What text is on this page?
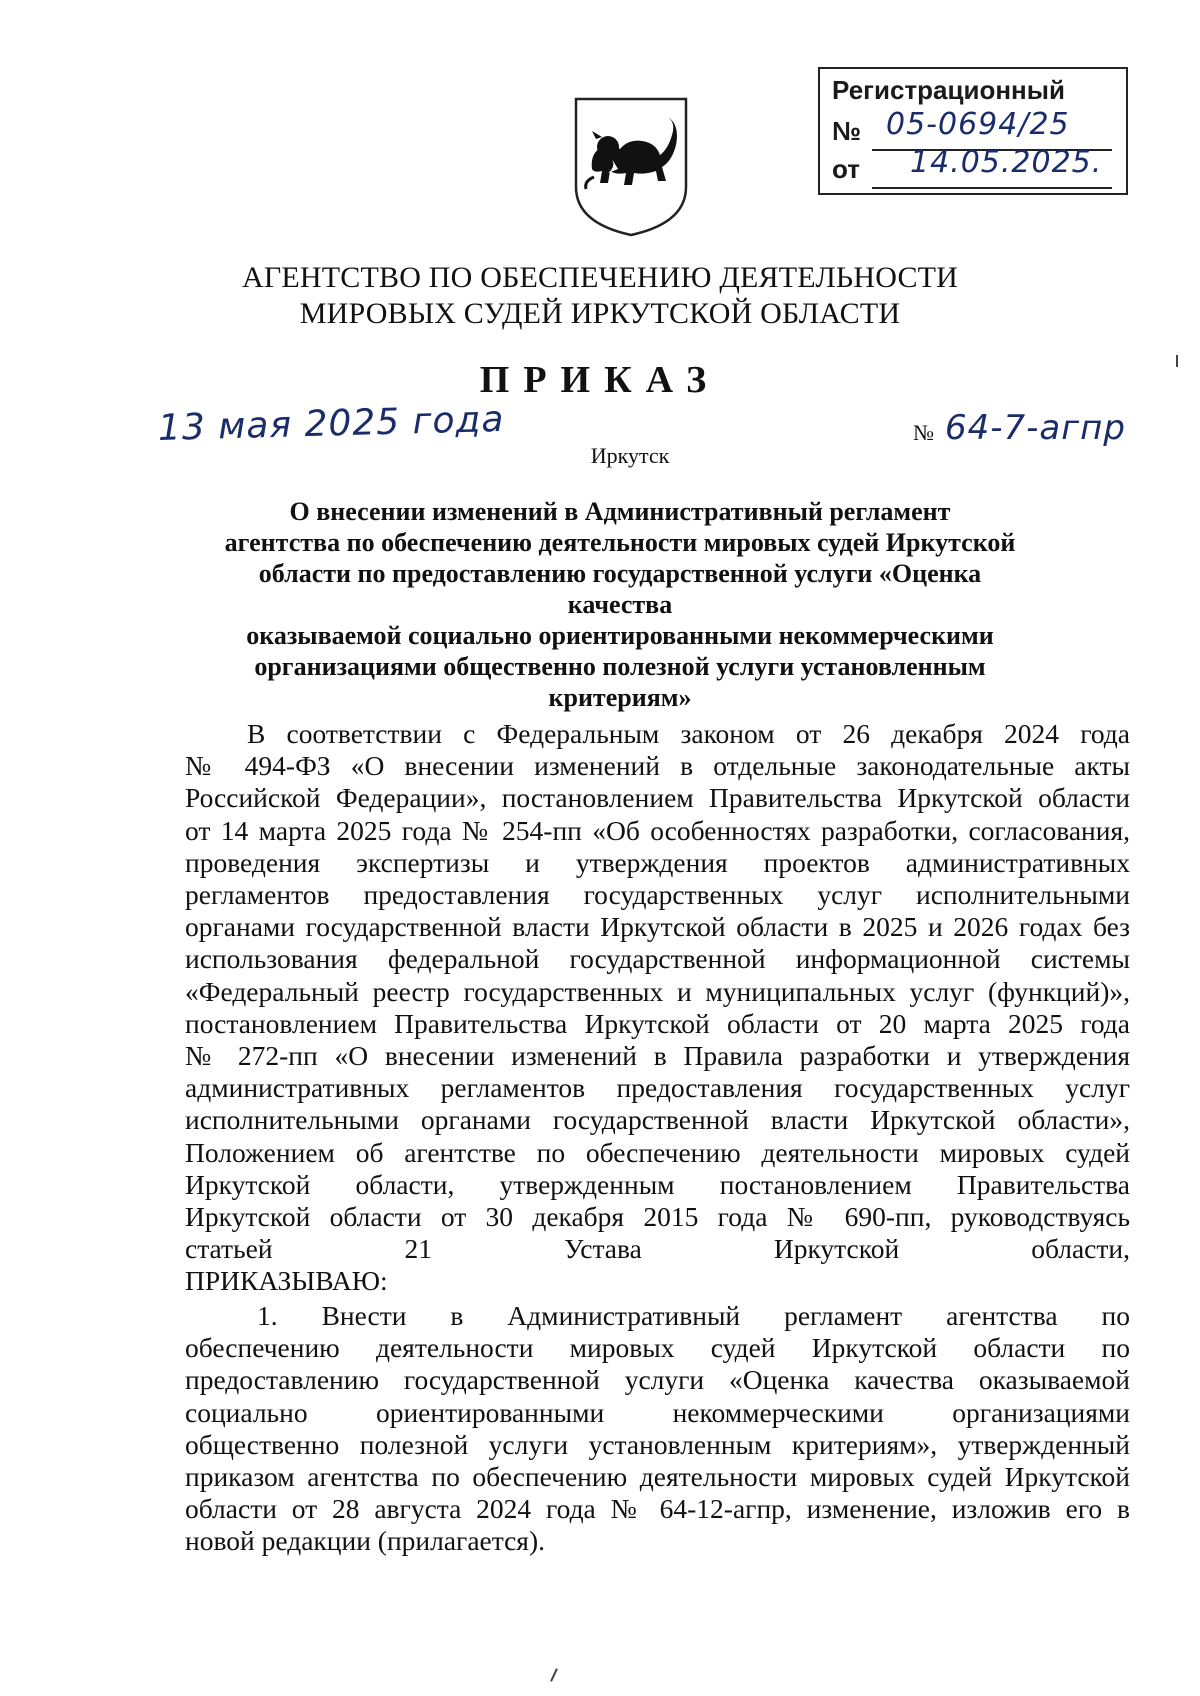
Регистрационный
№ 05-0694/25
от 14.05.2025.
АГЕНТСТВО ПО ОБЕСПЕЧЕНИЮ ДЕЯТЕЛЬНОСТИ
МИРОВЫХ СУДЕЙ ИРКУТСКОЙ ОБЛАСТИ
ПРИКАЗ
13 мая 2025 года	№ 64-7-агпр
Иркутск
О внесении изменений в Административный регламент
агентства по обеспечению деятельности мировых судей Иркутской
области по предоставлению государственной услуги «Оценка качества
оказываемой социально ориентированными некоммерческими
организациями общественно полезной услуги установленным
критериям»

В соответствии с Федеральным законом от 26 декабря 2024 года

№ 494-ФЗ «О внесении изменений в отдельные законодательные акты

Российской Федерации», постановлением Правительства Иркутской области

от 14 марта 2025 года № 254-пп «Об особенностях разработки, согласования,

проведения экспертизы и утверждения проектов административных

регламентов предоставления государственных услуг исполнительными

органами государственной власти Иркутской области в 2025 и 2026 годах без

использования федеральной государственной информационной системы

«Федеральный реестр государственных и муниципальных услуг (функций)»,

постановлением Правительства Иркутской области от 20 марта 2025 года

№ 272-пп «О внесении изменений в Правила разработки и утверждения

административных регламентов предоставления государственных услуг

исполнительными органами государственной власти Иркутской области»,

Положением об агентстве по обеспечению деятельности мировых судей

Иркутской области, утвержденным постановлением Правительства

Иркутской области от 30 декабря 2015 года № 690-пп, руководствуясь

статьей 21 Устава Иркутской области,

ПРИКАЗЫВАЮ:

1. Внести в Административный регламент агентства по

обеспечению деятельности мировых судей Иркутской области по

предоставлению государственной услуги «Оценка качества оказываемой

социально ориентированными некоммерческими организациями

общественно полезной услуги установленным критериям», утвержденный

приказом агентства по обеспечению деятельности мировых судей Иркутской

области от 28 августа 2024 года № 64-12-агпр, изменение, изложив его в

новой редакции (прилагается).
